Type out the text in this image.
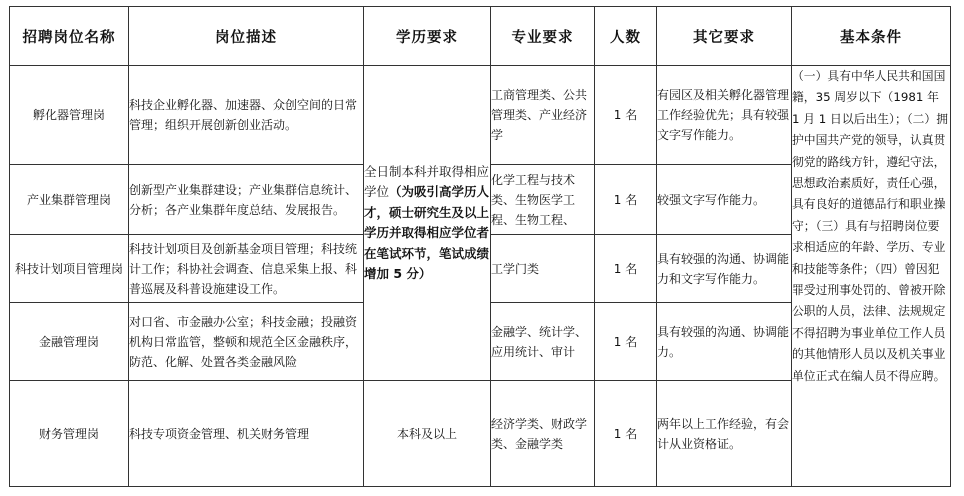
招聘岗位名称	岗位描述	学历要求	专业要求	人数	其它要求	基本条件
孵化器管理岗	科技企业孵化器、加速器、众创空间的日常管理；组织开展创新创业活动。	全日制本科并取得相应学位（为吸引高学历人才，硕士研究生及以上学历并取得相应学位者在笔试环节，笔试成绩增加 5 分）	工商管理类、公共管理类、产业经济学	1 名	有园区及相关孵化器管理工作经验优先；具有较强文字写作能力。	（一）具有中华人民共和国国籍，35 周岁以下（1981 年 1 月 1 日以后出生）；（二）拥护中国共产党的领导，认真贯彻党的路线方针，遵纪守法，思想政治素质好，责任心强，具有良好的道德品行和职业操守；（三）具有与招聘岗位要求相适应的年龄、学历、专业和技能等条件；（四）曾因犯罪受过刑事处罚的、曾被开除公职的人员，法律、法规规定不得招聘为事业单位工作人员的其他情形人员以及机关事业单位正式在编人员不得应聘。
产业集群管理岗	创新型产业集群建设；产业集群信息统计、分析；各产业集群年度总结、发展报告。		化学工程与技术类、生物医学工程、生物工程、	1 名	较强文字写作能力。	
科技计划项目管理岗	科技计划项目及创新基金项目管理；科技统计工作；科协社会调查、信息采集上报、科普巡展及科普设施建设工作。		工学门类	1 名	具有较强的沟通、协调能力和文字写作能力。	
金融管理岗	对口省、市金融办公室；科技金融；投融资机构日常监管，整顿和规范全区金融秩序，防范、化解、处置各类金融风险		金融学、统计学、应用统计、审计	1 名	具有较强的沟通、协调能力。	
财务管理岗	科技专项资金管理、机关财务管理	本科及以上	经济学类、财政学类、金融学类	1 名	两年以上工作经验，有会计从业资格证。	
